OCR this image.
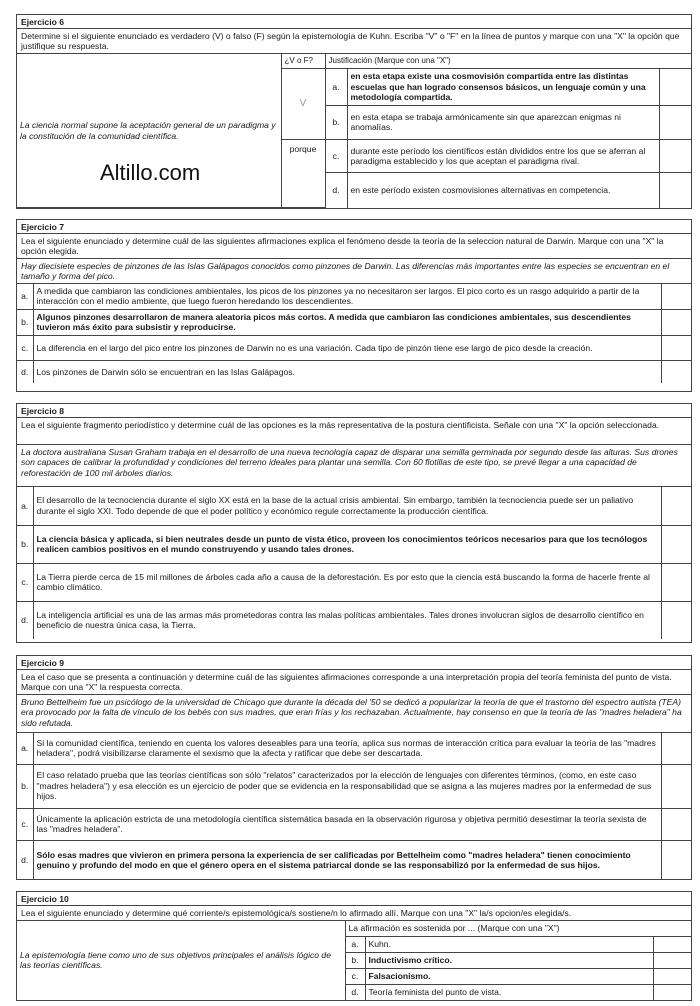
Ejercicio 6
Determine si el siguiente enunciado es verdadero (V) o falso (F) según la epistemología de Kuhn. Escriba "V" o "F" en la línea de puntos y marque con una "X" la opción que justifique su respuesta.
La ciencia normal supone la aceptación general de un paradigma y la constitución de la comunidad científica.	¿V o F?	Justificación (Marque con una "X")		
	V	a.	en esta etapa existe una cosmovisión compartida entre las distintas escuelas que han logrado consensos básicos, un lenguaje común y una metodología compartida.	
		b.	en esta etapa se trabaja armónicamente sin que aparezcan enigmas ni anomalías.	
	porque	c.	durante este período los científicos están divididos entre los que se aferran al paradigma establecido y los que aceptan el paradigma rival.	
		d.	en este período existen cosmovisiones alternativas en competencia.	
Altillo.com
Ejercicio 7
Lea el siguiente enunciado y determine cuál de las siguientes afirmaciones explica el fenómeno desde la teoría de la seleccion natural de Darwin. Marque con una "X" la opción elegida.
Hay diecisiete especies de pinzones de las Islas Galápagos conocidos como pinzones de Darwin. Las diferencias más importantes entre las especies se encuentran en el tamaño y forma del pico.
a.	A medida que cambiaron las condiciones ambientales, los picos de los pinzones ya no necesitaron ser largos. El pico corto es un rasgo adquirido a partir de la interacción con el medio ambiente, que luego fueron heredando los descendientes.	
b.	Algunos pinzones desarrollaron de manera aleatoria picos más cortos. A medida que cambiaron las condiciones ambientales, sus descendientes tuvieron más éxito para subsistir y reproducirse.	
c.	La diferencia en el largo del pico entre los pinzones de Darwin no es una variación. Cada tipo de pinzón tiene ese largo de pico desde la creación.	
d.	Los pinzones de Darwin sólo se encuentran en las Islas Galápagos.	
Ejercicio 8
Lea el siguiente fragmento periodístico y determine cuál de las opciones es la más representativa de la postura cientificista. Señale con una "X" la opción seleccionada.
La doctora australiana Susan Graham trabaja en el desarrollo de una nueva tecnología capaz de disparar una semilla germinada por segundo desde las alturas. Sus drones son capaces de calibrar la profundidad y condiciones del terreno ideales para plantar una semilla. Con 60 flotillas de este tipo, se prevé llegar a una capacidad de reforestación de 100 mil árboles diarios.
a.	El desarrollo de la tecnociencia durante el siglo XX está en la base de la actual crisis ambiental. Sin embargo, también la tecnociencia puede ser un paliativo durante el siglo XXI. Todo depende de que el poder político y económico regule correctamente la producción científica.	
b.	La ciencia básica y aplicada, si bien neutrales desde un punto de vista ético, proveen los conocimientos teóricos necesarios para que los tecnólogos realicen cambios positivos en el mundo construyendo y usando tales drones.	
c.	La Tierra pierde cerca de 15 mil millones de árboles cada año a causa de la deforestación. Es por esto que la ciencia está buscando la forma de hacerle frente al cambio climático.	
d.	La inteligencia artificial es una de las armas más prometedoras contra las malas políticas ambientales. Tales drones involucran siglos de desarrollo científico en beneficio de nuestra única casa, la Tierra.	
Ejercicio 9
Lea el caso que se presenta a continuación y determine cuál de las siguientes afirmaciones corresponde a una interpretación propia del teoría feminista del punto de vista. Marque con una "X" la respuesta correcta.
Bruno Bettelheim fue un psicólogo de la universidad de Chicago que durante la década del '50 se dedicó a popularizar la teoría de que el trastorno del espectro autista (TEA) era provocado por la falta de vínculo de los bebés con sus madres, que eran frías y los rechazaban. Actualmente, hay consenso en que la teoría de las "madres heladera" ha sido refutada.
a.	Si la comunidad científica, teniendo en cuenta los valores deseables para una teoría, aplica sus normas de interacción crítica para evaluar la teoría de las "madres heladera", podrá visibilizarse claramente el sexismo que la afecta y ratificar que debe ser descartada.	
b.	El caso relatado prueba que las teorías científicas son sólo "relatos" caracterizados por la elección de lenguajes con diferentes términos, (como, en este caso "madres heladera") y esa elección es un ejercicio de poder que se evidencia en la responsabilidad que se asigna a las mujeres madres por la enfermedad de sus hijos.	
c.	Únicamente la aplicación estricta de una metodología científica sistemática basada en la observación rigurosa y objetiva permitió desestimar la teoría sexista de las "madres heladera".	
d.	Sólo esas madres que vivieron en primera persona la experiencia de ser calificadas por Bettelheim como "madres heladera" tienen conocimiento genuino y profundo del modo en que el género opera en el sistema patriarcal donde se las responsabilizó por la enfermedad de sus hijos.	
Ejercicio 10
Lea el siguiente enunciado y determine qué corriente/s epistemológica/s sostiene/n lo afirmado allí. Marque con una "X" la/s opcion/es elegida/s.
La epistemología tiene como uno de sus objetivos principales el análisis lógico de las teorías científicas.	La afirmación es sostenida por ... (Marque con una "X")		
	a.	Kuhn.	
	b.	Inductivismo crítico.	
	c.	Falsacionismo.	
	d.	Teoría feminista del punto de vista.	
